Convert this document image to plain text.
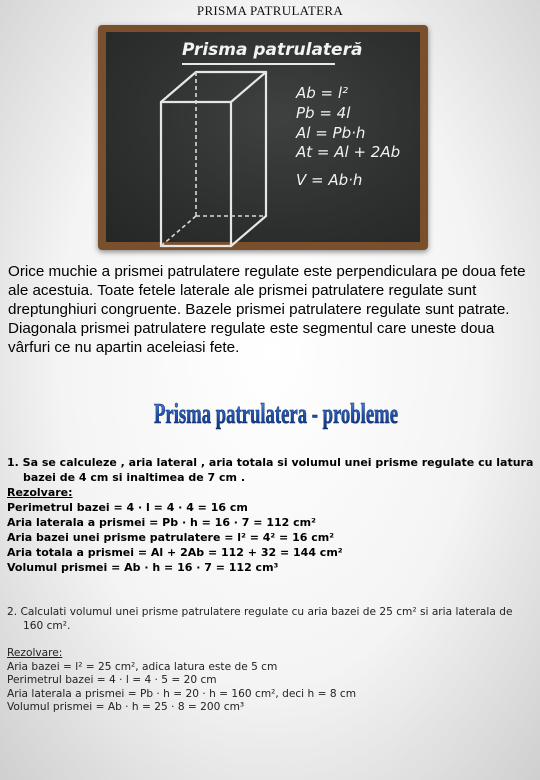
PRISMA PATRULATERA
Prisma patrulateră
Ab = l²
Pb = 4l
Al = Pb·h
At = Al + 2Ab
V = Ab·h
Orice muchie a prismei patrulatere regulate este perpendiculara pe doua fete ale acestuia. Toate fetele laterale ale prismei patrulatere regulate sunt dreptunghiuri congruente. Bazele prismei patrulatere regulate sunt patrate. Diagonala prismei patrulatere regulate este segmentul care uneste doua vârfuri ce nu apartin aceleiasi fete.
Prisma patrulatera - probleme
1. Sa se calculeze , aria lateral , aria totala si volumul unei prisme regulate cu latura bazei de 4 cm si inaltimea de 7 cm .
Rezolvare:
Perimetrul bazei = 4 · l = 4 · 4 = 16 cm
Aria laterala a prismei = Pb · h = 16 · 7 = 112 cm²
Aria bazei unei prisme patrulatere = l² = 4² = 16 cm²
Aria totala a prismei = Al + 2Ab = 112 + 32 = 144 cm²
Volumul prismei = Ab · h = 16 · 7 = 112 cm³
2. Calculati volumul unei prisme patrulatere regulate cu aria bazei de 25 cm² si aria laterala de 160 cm².
Rezolvare:
Aria bazei = l² = 25 cm², adica latura este de 5 cm
Perimetrul bazei = 4 · l = 4 · 5 = 20 cm
Aria laterala a prismei = Pb · h = 20 · h = 160 cm², deci h = 8 cm
Volumul prismei = Ab · h = 25 · 8 = 200 cm³
